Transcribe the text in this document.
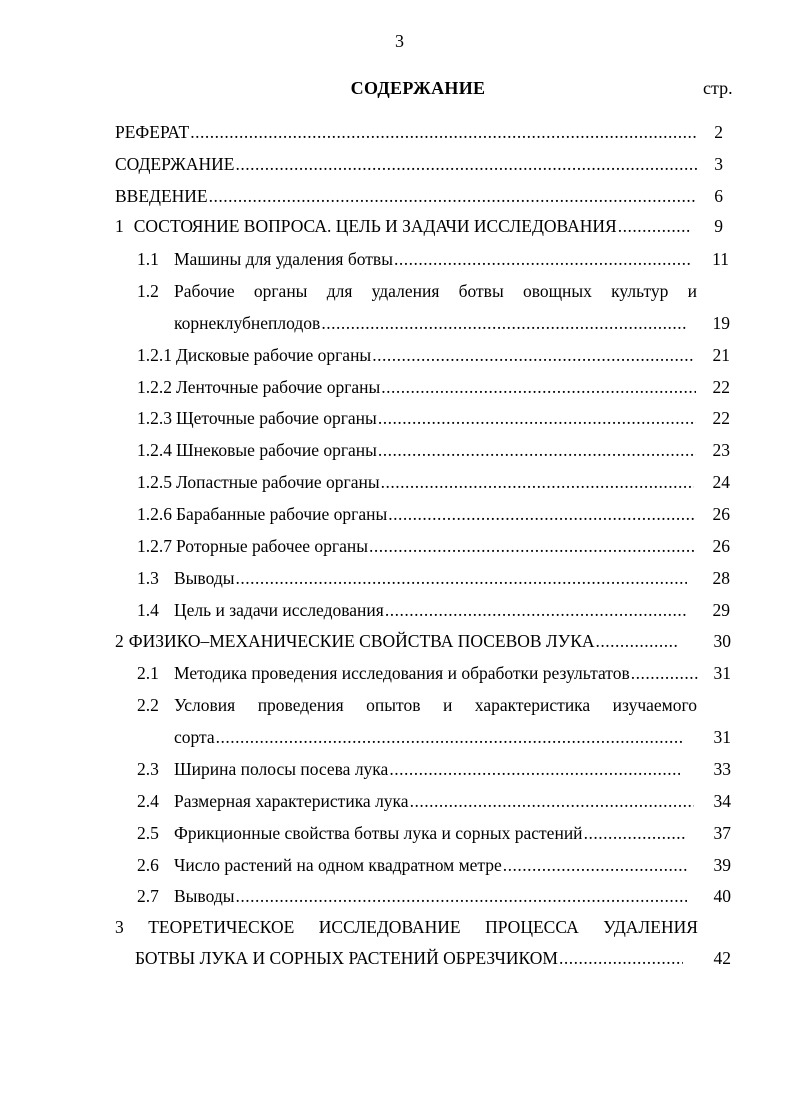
3
СОДЕРЖАНИЕ	стр.
РЕФЕРАТ .....	2
СОДЕРЖАНИЕ .....	3
ВВЕДЕНИЕ .....	6
1 СОСТОЯНИЕ ВОПРОСА. ЦЕЛЬ И ЗАДАЧИ ИССЛЕДОВАНИЯ .....	9
1.1 Машины для удаления ботвы .....	11
1.2 Рабочие органы для удаления ботвы овощных культур и
корнеклубнеплодов .....	19
1.2.1 Дисковые рабочие органы .....	21
1.2.2 Ленточные рабочие органы .....	22
1.2.3 Щеточные рабочие органы .....	22
1.2.4 Шнековые рабочие органы .....	23
1.2.5 Лопастные рабочие органы .....	24
1.2.6 Барабанные рабочие органы .....	26
1.2.7 Роторные рабочее органы .....	26
1.3 Выводы .....	28
1.4 Цель и задачи исследования .....	29
2 ФИЗИКО–МЕХАНИЧЕСКИЕ СВОЙСТВА ПОСЕВОВ ЛУКА .....	30
2.1 Методика проведения исследования и обработки результатов .....	31
2.2 Условия проведения опытов и характеристика изучаемого
сорта .....	31
2.3 Ширина полосы посева лука .....	33
2.4 Размерная характеристика лука .....	34
2.5 Фрикционные свойства ботвы лука и сорных растений .....	37
2.6 Число растений на одном квадратном метре .....	39
2.7 Выводы .....	40
3 ТЕОРЕТИЧЕСКОЕ ИССЛЕДОВАНИЕ ПРОЦЕССА УДАЛЕНИЯ
БОТВЫ ЛУКА И СОРНЫХ РАСТЕНИЙ ОБРЕЗЧИКОМ .....	42
